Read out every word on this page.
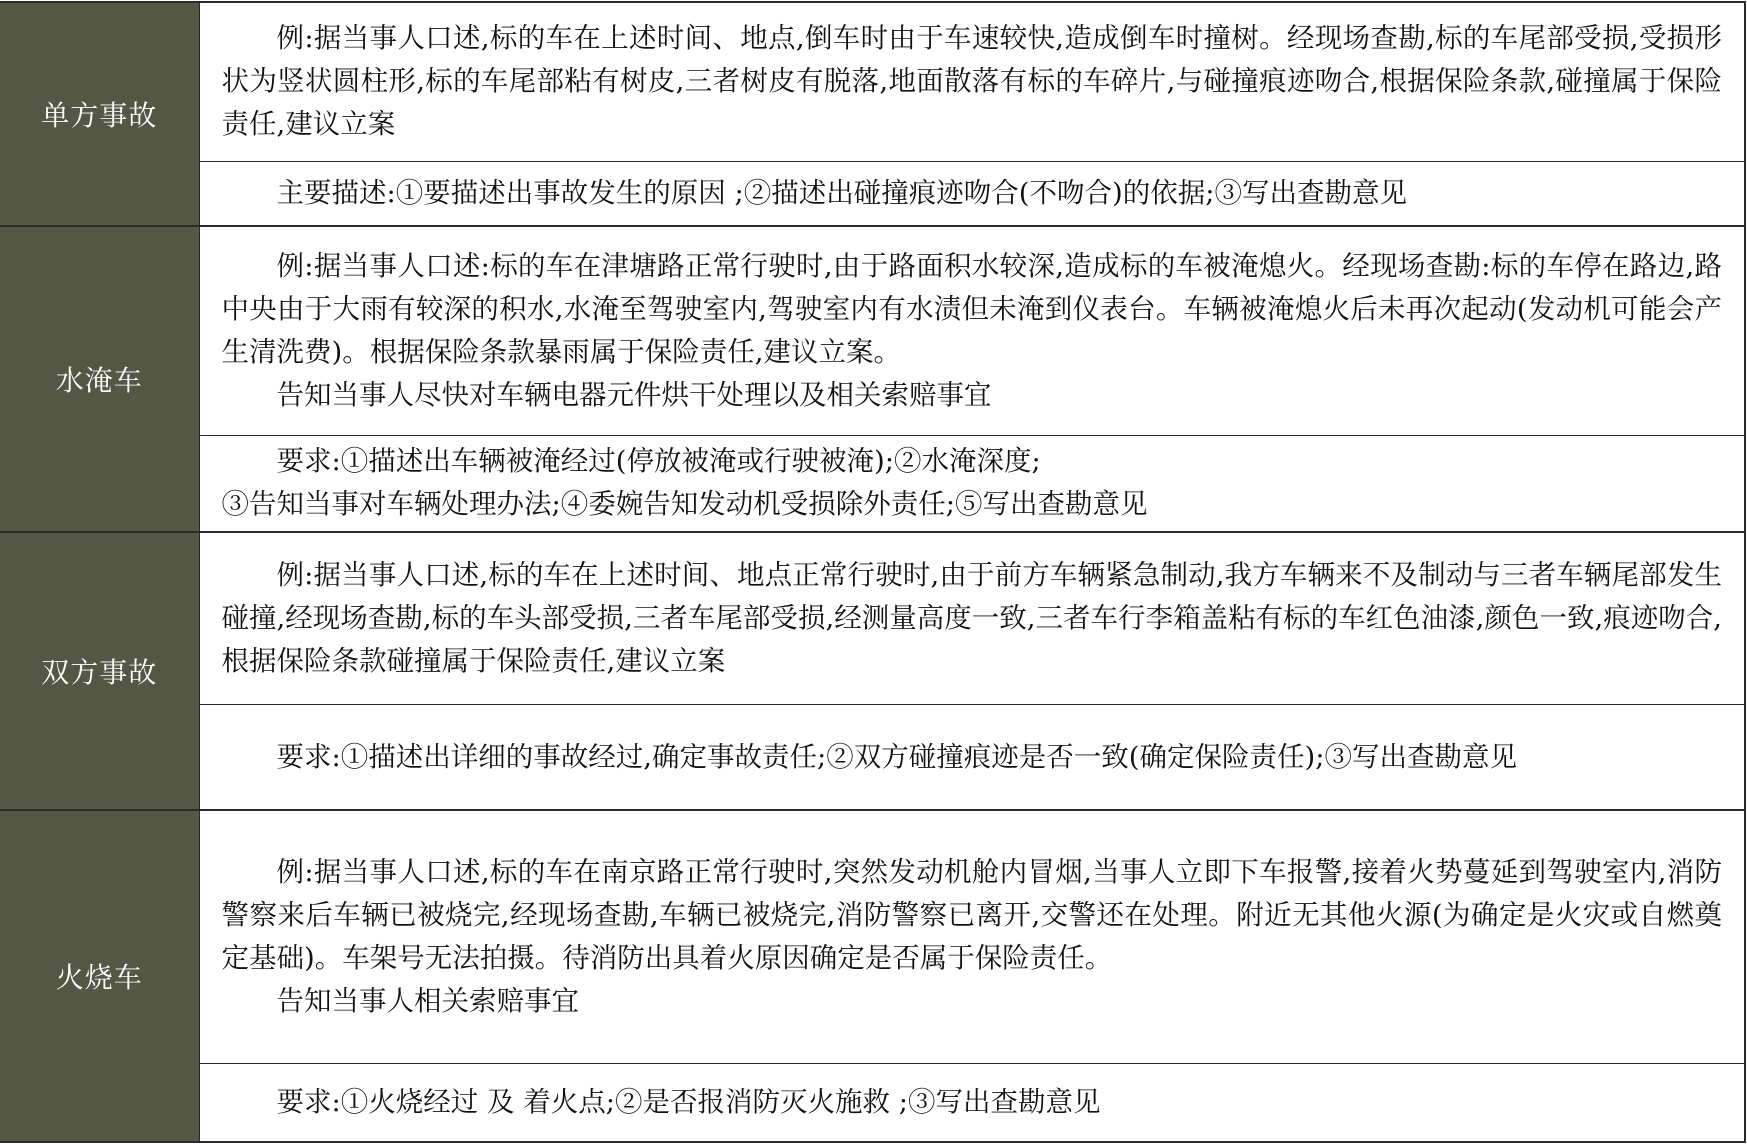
单方事故	例:据当事人口述,标的车在上述时间、地点,倒车时由于车速较快,造成倒车时撞树。经现场查勘,标的车尾部受损,受损形状为竖状圆柱形,标的车尾部粘有树皮,三者树皮有脱落,地面散落有标的车碎片,与碰撞痕迹吻合,根据保险条款,碰撞属于保险责任,建议立案

	主要描述:①要描述出事故发生的原因 ;②描述出碰撞痕迹吻合(不吻合)的依据;③写出查勘意见

水淹车	例:据当事人口述:标的车在津塘路正常行驶时,由于路面积水较深,造成标的车被淹熄火。经现场查勘:标的车停在路边,路中央由于大雨有较深的积水,水淹至驾驶室内,驾驶室内有水渍但未淹到仪表台。车辆被淹熄火后未再次起动(发动机可能会产生清洗费)。根据保险条款暴雨属于保险责任,建议立案。
告知当事人尽快对车辆电器元件烘干处理以及相关索赔事宜

	要求:①描述出车辆被淹经过(停放被淹或行驶被淹);②水淹深度;
③告知当事对车辆处理办法;④委婉告知发动机受损除外责任;⑤写出查勘意见

双方事故	例:据当事人口述,标的车在上述时间、地点正常行驶时,由于前方车辆紧急制动,我方车辆来不及制动与三者车辆尾部发生碰撞,经现场查勘,标的车头部受损,三者车尾部受损,经测量高度一致,三者车行李箱盖粘有标的车红色油漆,颜色一致,痕迹吻合,根据保险条款碰撞属于保险责任,建议立案

	要求:①描述出详细的事故经过,确定事故责任;②双方碰撞痕迹是否一致(确定保险责任);③写出查勘意见

火烧车	例:据当事人口述,标的车在南京路正常行驶时,突然发动机舱内冒烟,当事人立即下车报警,接着火势蔓延到驾驶室内,消防警察来后车辆已被烧完,经现场查勘,车辆已被烧完,消防警察已离开,交警还在处理。附近无其他火源(为确定是火灾或自燃奠定基础)。车架号无法拍摄。待消防出具着火原因确定是否属于保险责任。
告知当事人相关索赔事宜

	要求:①火烧经过 及 着火点;②是否报消防灭火施救 ;③写出查勘意见
